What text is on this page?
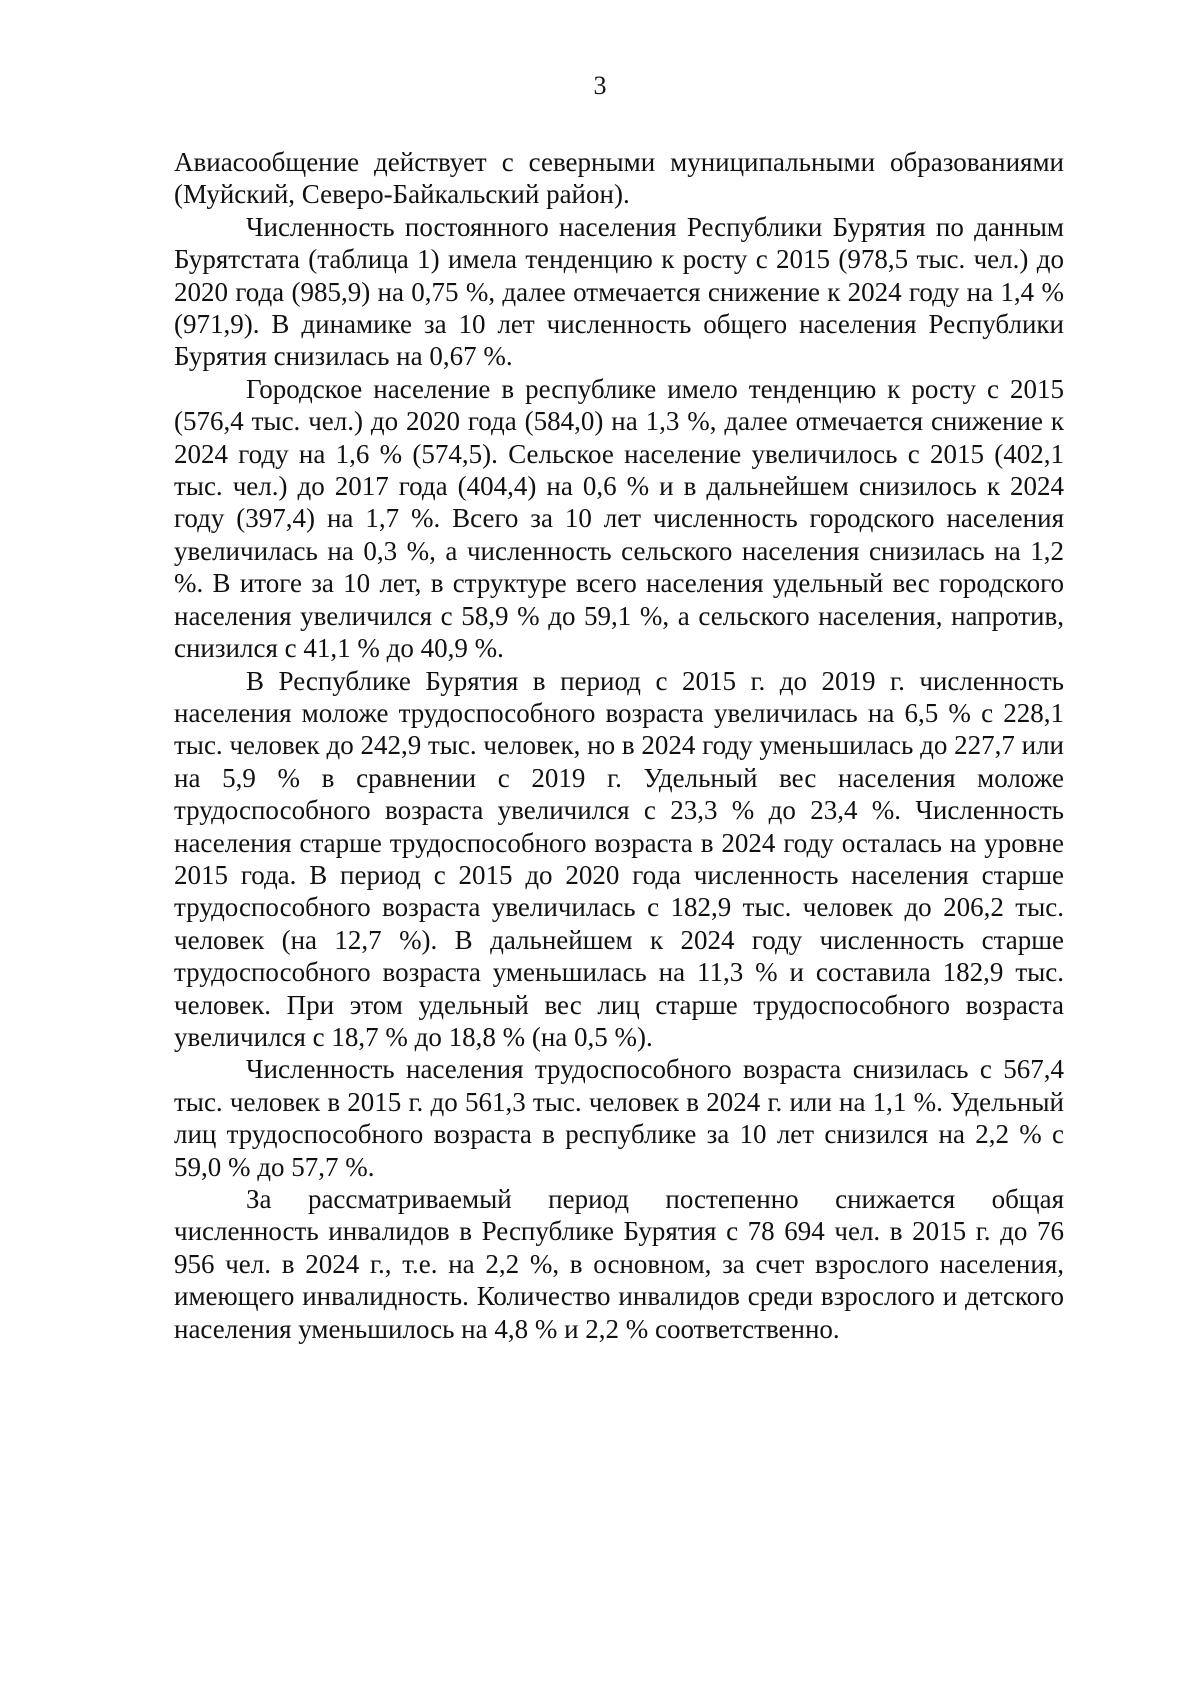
3

Авиасообщение действует с северными муниципальными образованиями (Муйский, Северо-Байкальский район).

Численность постоянного населения Республики Бурятия по данным Бурятстата (таблица 1) имела тенденцию к росту с 2015 (978,5 тыс. чел.) до 2020 года (985,9) на 0,75 %, далее отмечается снижение к 2024 году на 1,4 % (971,9). В динамике за 10 лет численность общего населения Республики Бурятия снизилась на 0,67 %.

Городское население в республике имело тенденцию к росту с 2015 (576,4 тыс. чел.) до 2020 года (584,0) на 1,3 %, далее отмечается снижение к 2024 году на 1,6 % (574,5). Сельское население увеличилось с 2015 (402,1 тыс. чел.) до 2017 года (404,4) на 0,6 % и в дальнейшем снизилось к 2024 году (397,4) на 1,7 %. Всего за 10 лет численность городского населения увеличилась на 0,3 %, а численность сельского населения снизилась на 1,2 %. В итоге за 10 лет, в структуре всего населения удельный вес городского населения увеличился с 58,9 % до 59,1 %, а сельского населения, напротив, снизился с 41,1 % до 40,9 %.

В Республике Бурятия в период с 2015 г. до 2019 г. численность населения моложе трудоспособного возраста увеличилась на 6,5 % с 228,1 тыс. человек до 242,9 тыс. человек, но в 2024 году уменьшилась до 227,7 или на 5,9 % в сравнении с 2019 г. Удельный вес населения моложе трудоспособного возраста увеличился с 23,3 % до 23,4 %. Численность населения старше трудоспособного возраста в 2024 году осталась на уровне 2015 года. В период с 2015 до 2020 года численность населения старше трудоспособного возраста увеличилась с 182,9 тыс. человек до 206,2 тыс. человек (на 12,7 %). В дальнейшем к 2024 году численность старше трудоспособного возраста уменьшилась на 11,3 % и составила 182,9 тыс. человек. При этом удельный вес лиц старше трудоспособного возраста увеличился с 18,7 % до 18,8 % (на 0,5 %).

Численность населения трудоспособного возраста снизилась с 567,4 тыс. человек в 2015 г. до 561,3 тыс. человек в 2024 г. или на 1,1 %. Удельный лиц трудоспособного возраста в республике за 10 лет снизился на 2,2 % с 59,0 % до 57,7 %.

За рассматриваемый период постепенно снижается общая численность инвалидов в Республике Бурятия с 78 694 чел. в 2015 г. до 76 956 чел. в 2024 г., т.е. на 2,2 %, в основном, за счет взрослого населения, имеющего инвалидность. Количество инвалидов среди взрослого и детского населения уменьшилось на 4,8 % и 2,2 % соответственно.
